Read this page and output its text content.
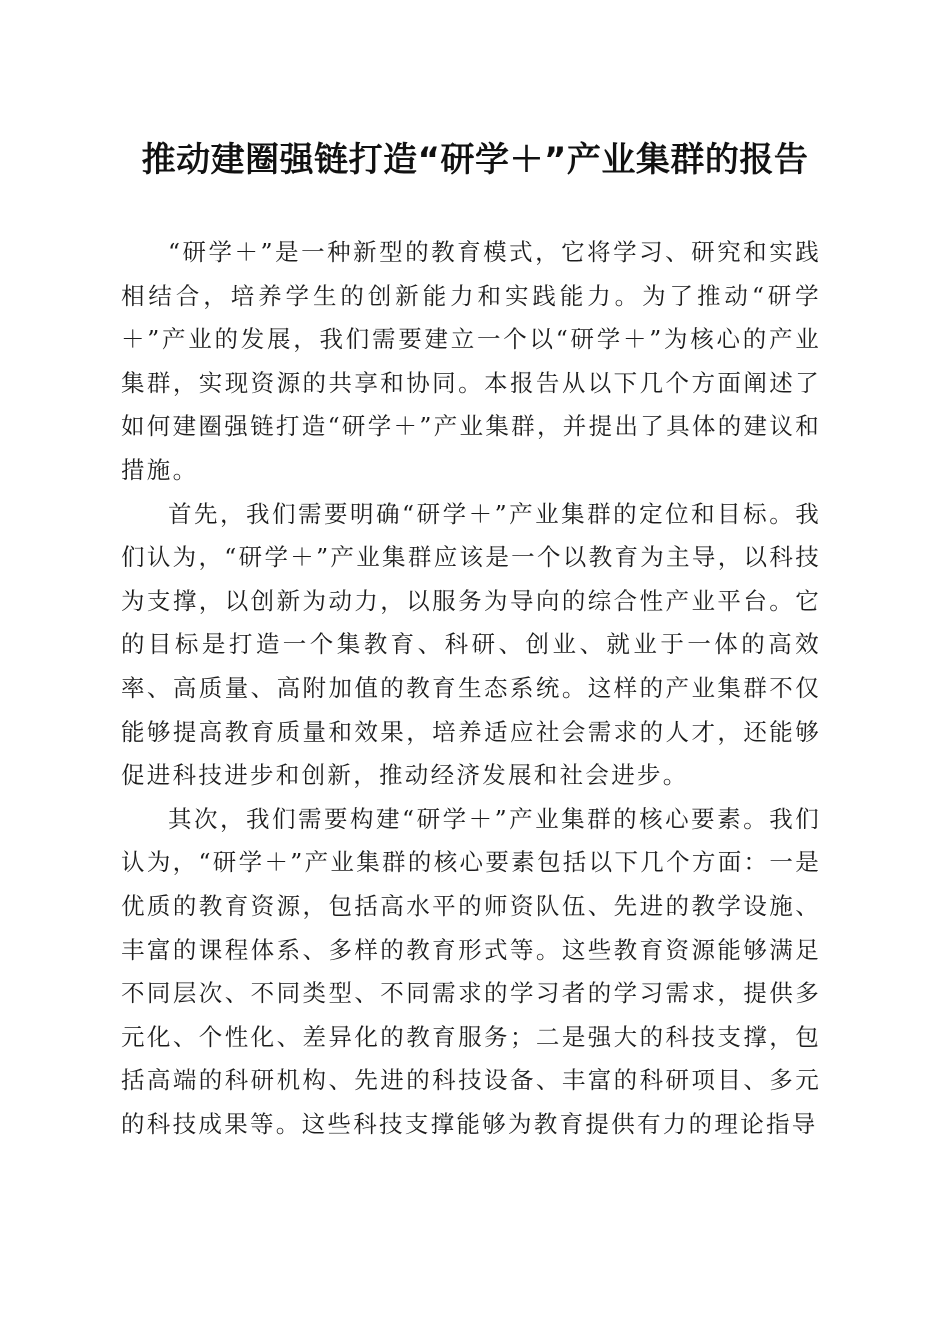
推动建圈强链打造“研学＋”产业集群的报告

“研学＋”是一种新型的教育模式，它将学习、研究和实践相结合，培养学生的创新能力和实践能力。为了推动“研学＋”产业的发展，我们需要建立一个以“研学＋”为核心的产业集群，实现资源的共享和协同。本报告从以下几个方面阐述了如何建圈强链打造“研学＋”产业集群，并提出了具体的建议和措施。

首先，我们需要明确“研学＋”产业集群的定位和目标。我们认为，“研学＋”产业集群应该是一个以教育为主导，以科技为支撑，以创新为动力，以服务为导向的综合性产业平台。它的目标是打造一个集教育、科研、创业、就业于一体的高效率、高质量、高附加值的教育生态系统。这样的产业集群不仅能够提高教育质量和效果，培养适应社会需求的人才，还能够促进科技进步和创新，推动经济发展和社会进步。

其次，我们需要构建“研学＋”产业集群的核心要素。我们认为，“研学＋”产业集群的核心要素包括以下几个方面：一是优质的教育资源，包括高水平的师资队伍、先进的教学设施、丰富的课程体系、多样的教育形式等。这些教育资源能够满足不同层次、不同类型、不同需求的学习者的学习需求，提供多元化、个性化、差异化的教育服务；二是强大的科技支撑，包括高端的科研机构、先进的科技设备、丰富的科研项目、多元的科技成果等。这些科技支撑能够为教育提供有力的理论指导
